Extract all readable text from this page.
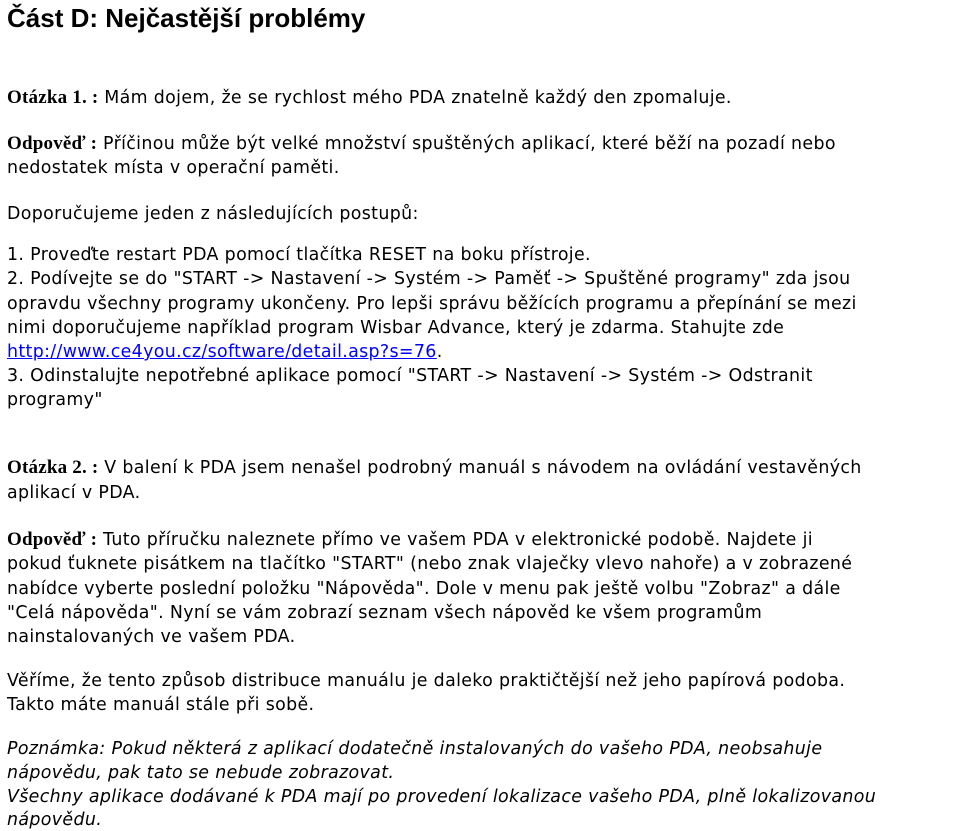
Část D: Nejčastější problémy
Otázka 1. : Mám dojem, že se rychlost mého PDA znatelně každý den zpomaluje.
Odpověď : Příčinou může být velké množství spuštěných aplikací, které běží na pozadí nebo
nedostatek místa v operační paměti.
Doporučujeme jeden z následujících postupů:
1. Proveďte restart PDA pomocí tlačítka RESET na boku přístroje.
2. Podívejte se do "START -> Nastavení -> Systém -> Paměť -> Spuštěné programy" zda jsou
opravdu všechny programy ukončeny. Pro lepši správu běžících programu a přepínání se mezi
nimi doporučujeme například program Wisbar Advance, který je zdarma. Stahujte zde
http://www.ce4you.cz/software/detail.asp?s=76.
3. Odinstalujte nepotřebné aplikace pomocí "START -> Nastavení -> Systém -> Odstranit
programy"
Otázka 2. : V balení k PDA jsem nenašel podrobný manuál s návodem na ovládání vestavěných
aplikací v PDA.
Odpověď : Tuto příručku naleznete přímo ve vašem PDA v elektronické podobě. Najdete ji
pokud ťuknete pisátkem na tlačítko "START" (nebo znak vlaječky vlevo nahoře) a v zobrazené
nabídce vyberte poslední položku "Nápověda". Dole v menu pak ještě volbu "Zobraz" a dále
"Celá nápověda". Nyní se vám zobrazí seznam všech nápověd ke všem programům
nainstalovaných ve vašem PDA.
Věříme, že tento způsob distribuce manuálu je daleko praktičtější než jeho papírová podoba.
Takto máte manuál stále při sobě.
Poznámka: Pokud některá z aplikací dodatečně instalovaných do vašeho PDA, neobsahuje
nápovědu, pak tato se nebude zobrazovat.
Všechny aplikace dodávané k PDA mají po provedení lokalizace vašeho PDA, plně lokalizovanou
nápovědu.
